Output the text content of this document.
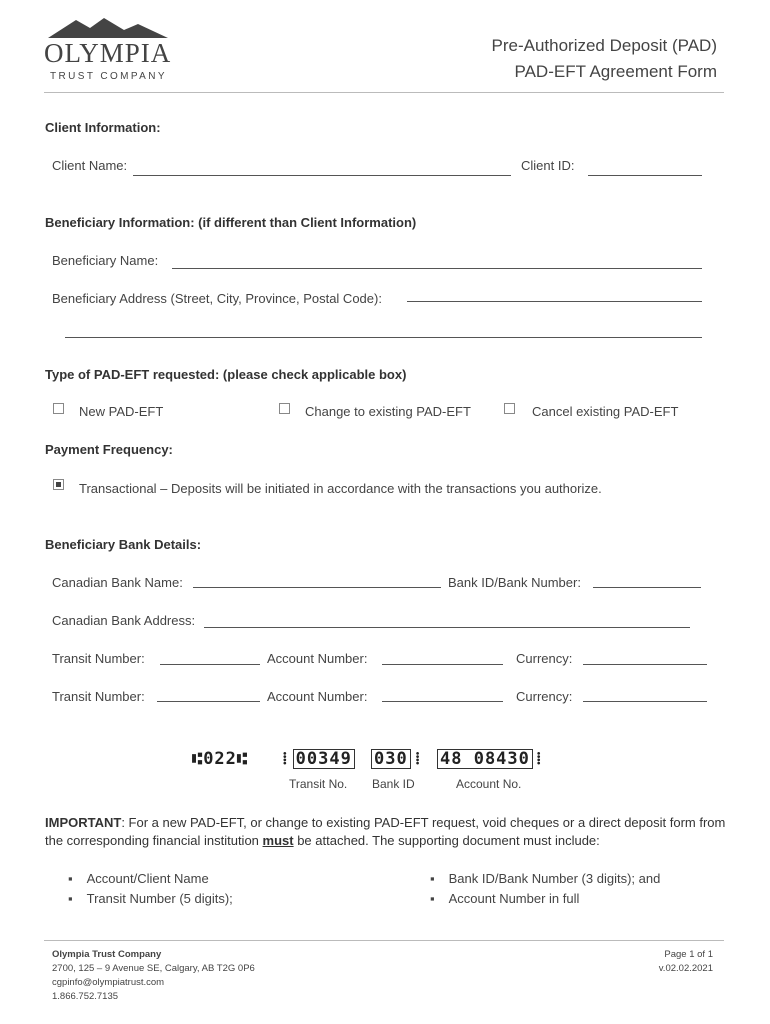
OLYMPIA
TRUST COMPANY
Pre-Authorized Deposit (PAD)
PAD-EFT Agreement Form
Client Information:
Client Name:	Client ID:
Beneficiary Information: (if different than Client Information)
Beneficiary Name:
Beneficiary Address (Street, City, Province, Postal Code):
Type of PAD-EFT requested: (please check applicable box)
New PAD-EFT	Change to existing PAD-EFT	Cancel existing PAD-EFT
Payment Frequency:
Transactional – Deposits will be initiated in accordance with the transactions you authorize.
Beneficiary Bank Details:
Canadian Bank Name:	Bank ID/Bank Number:
Canadian Bank Address:
Transit Number:	Account Number:	Currency:
Transit Number:	Account Number:	Currency:
⑆022⑆ ⁞ 00349 030 ⁞ 48 08430 ⁞
Transit No. Bank ID	Account No.
IMPORTANT: For a new PAD-EFT, or change to existing PAD-EFT request, void cheques or a direct deposit form from the corresponding financial institution must be attached. The supporting document must include:
▪ Account/Client Name
▪ Transit Number (5 digits);
▪ Bank ID/Bank Number (3 digits); and
▪ Account Number in full
Olympia Trust Company
2700, 125 – 9 Avenue SE, Calgary, AB T2G 0P6
cgpinfo@olympiatrust.com
1.866.752.7135
Page 1 of 1
v.02.02.2021
